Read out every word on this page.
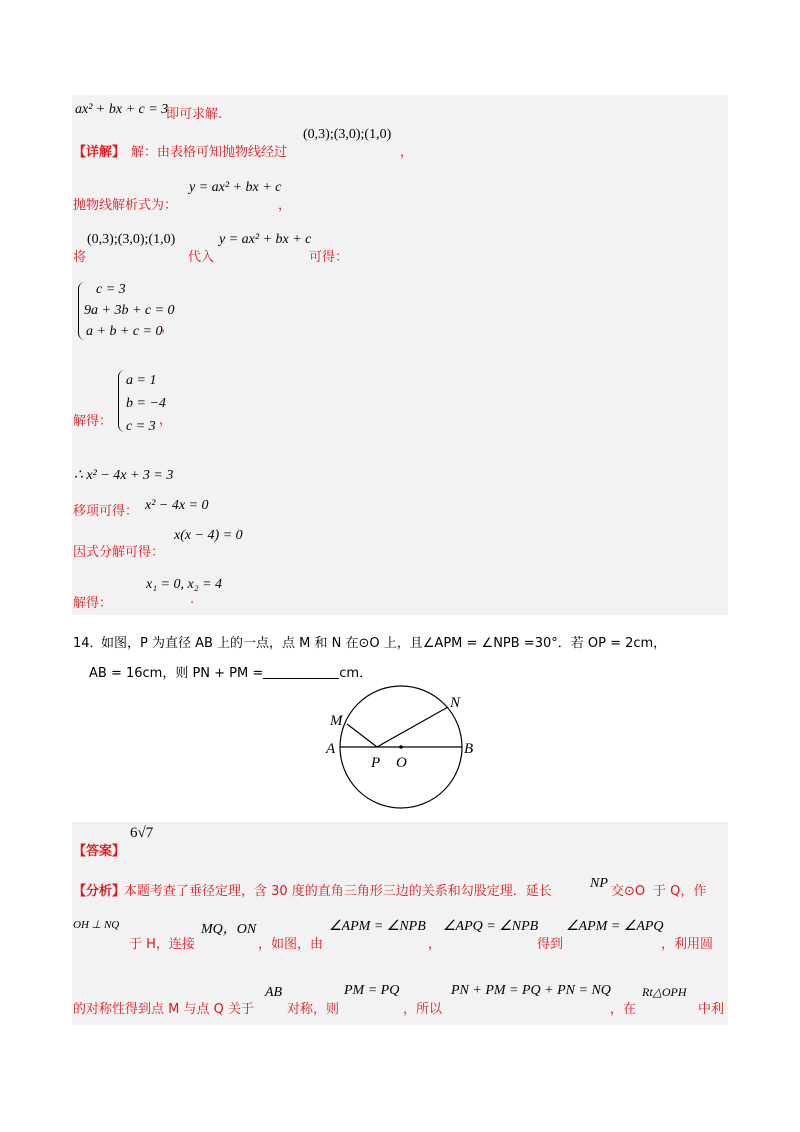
ax² + bx + c = 3
即可求解.
【详解】 解：由表格可知抛物线经过
(0,3);(3,0);(1,0)
，
抛物线解析式为：
y = ax² + bx + c
，
将
(0,3);(3,0);(1,0)
代入
y = ax² + bx + c
可得：
c = 3
9a + 3b + c = 0
a + b + c = 0
，
解得：
a = 1
b = −4
c = 3 ，
∴ x² − 4x + 3 = 3
移项可得： x² − 4x = 0
因式分解可得：
x(x − 4) = 0
解得：
x₁ = 0, x₂ = 4
.
14．
如图，P 为直径 AB 上的一点，点 M 和 N 在⊙O 上，且∠APM = ∠NPB =30°．若 OP = 2cm，
AB = 16cm，则 PN + PM =	cm．
M
N
A	B
P O
【答案】
6√7
【分析】
本题考查了垂径定理，含 30 度的直角三角形三边的关系和勾股定理．延长
NP
交⊙O 于 Q，作
OH ⊥ NQ
于 H，连接
MQ，ON
，如图，由
∠APM = ∠NPB
，
∠APQ = ∠NPB
得到
∠APM = ∠APQ
，利用圆
的对称性得到点 M 与点 Q 关于
AB
对称，则
PM = PQ
，所以
PN + PM = PQ + PN = NQ
，在
Rt△OPH
中利
